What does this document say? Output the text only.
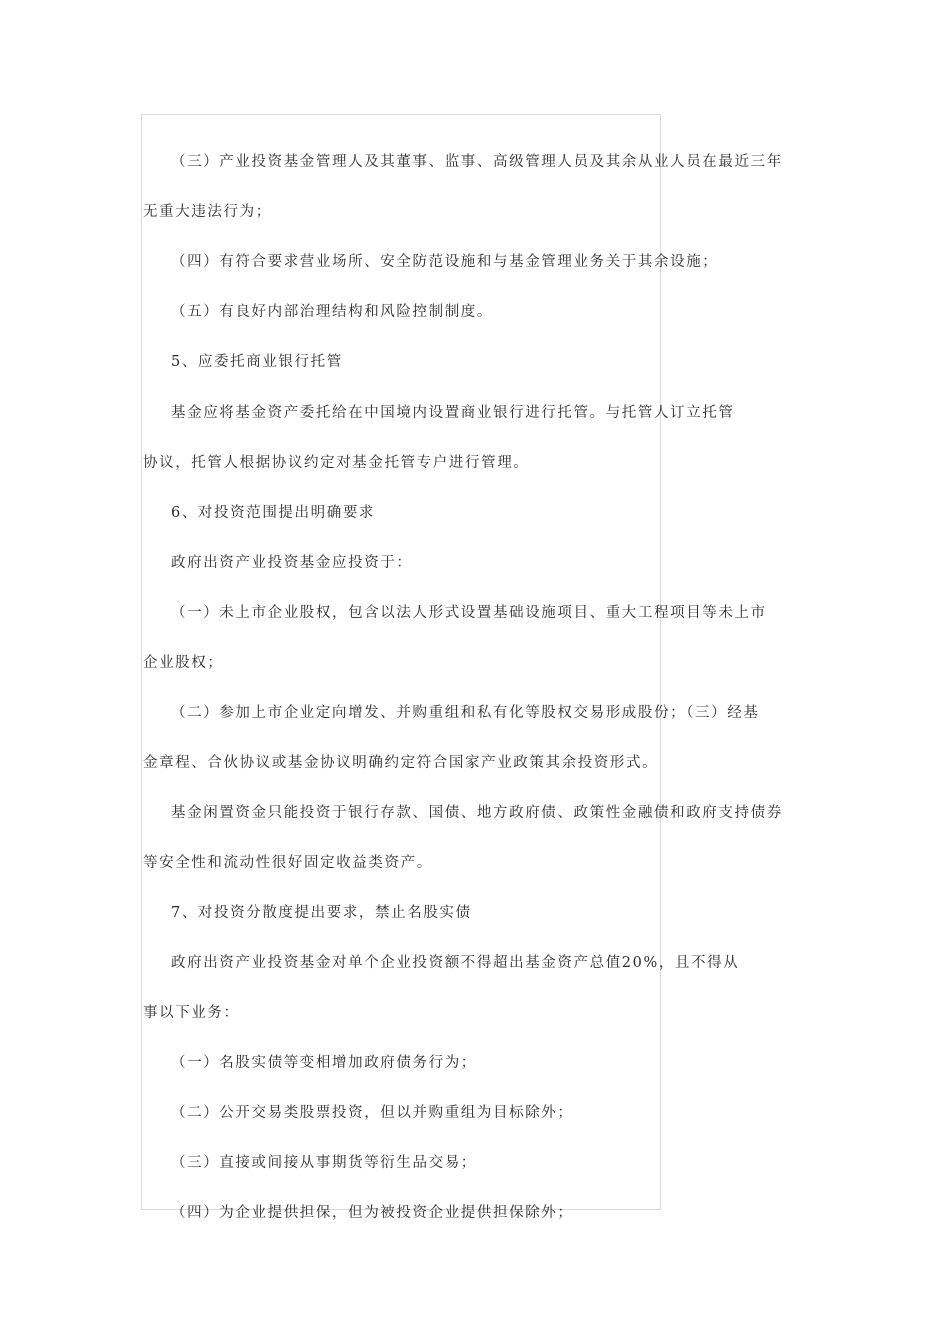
（三）产业投资基金管理人及其董事、监事、高级管理人员及其余从业人员在最近三年
无重大违法行为；
（四）有符合要求营业场所、安全防范设施和与基金管理业务关于其余设施；
（五）有良好内部治理结构和风险控制制度。
5、应委托商业银行托管
基金应将基金资产委托给在中国境内设置商业银行进行托管。与托管人订立托管
协议，托管人根据协议约定对基金托管专户进行管理。
6、对投资范围提出明确要求
政府出资产业投资基金应投资于：
（一）未上市企业股权，包含以法人形式设置基础设施项目、重大工程项目等未上市
企业股权；
（二）参加上市企业定向增发、并购重组和私有化等股权交易形成股份；（三）经基
金章程、合伙协议或基金协议明确约定符合国家产业政策其余投资形式。
基金闲置资金只能投资于银行存款、国债、地方政府债、政策性金融债和政府支持债券
等安全性和流动性很好固定收益类资产。
7、对投资分散度提出要求，禁止名股实债
政府出资产业投资基金对单个企业投资额不得超出基金资产总值20%，且不得从
事以下业务：
（一）名股实债等变相增加政府债务行为；
（二）公开交易类股票投资，但以并购重组为目标除外；
（三）直接或间接从事期货等衍生品交易；
（四）为企业提供担保，但为被投资企业提供担保除外；
